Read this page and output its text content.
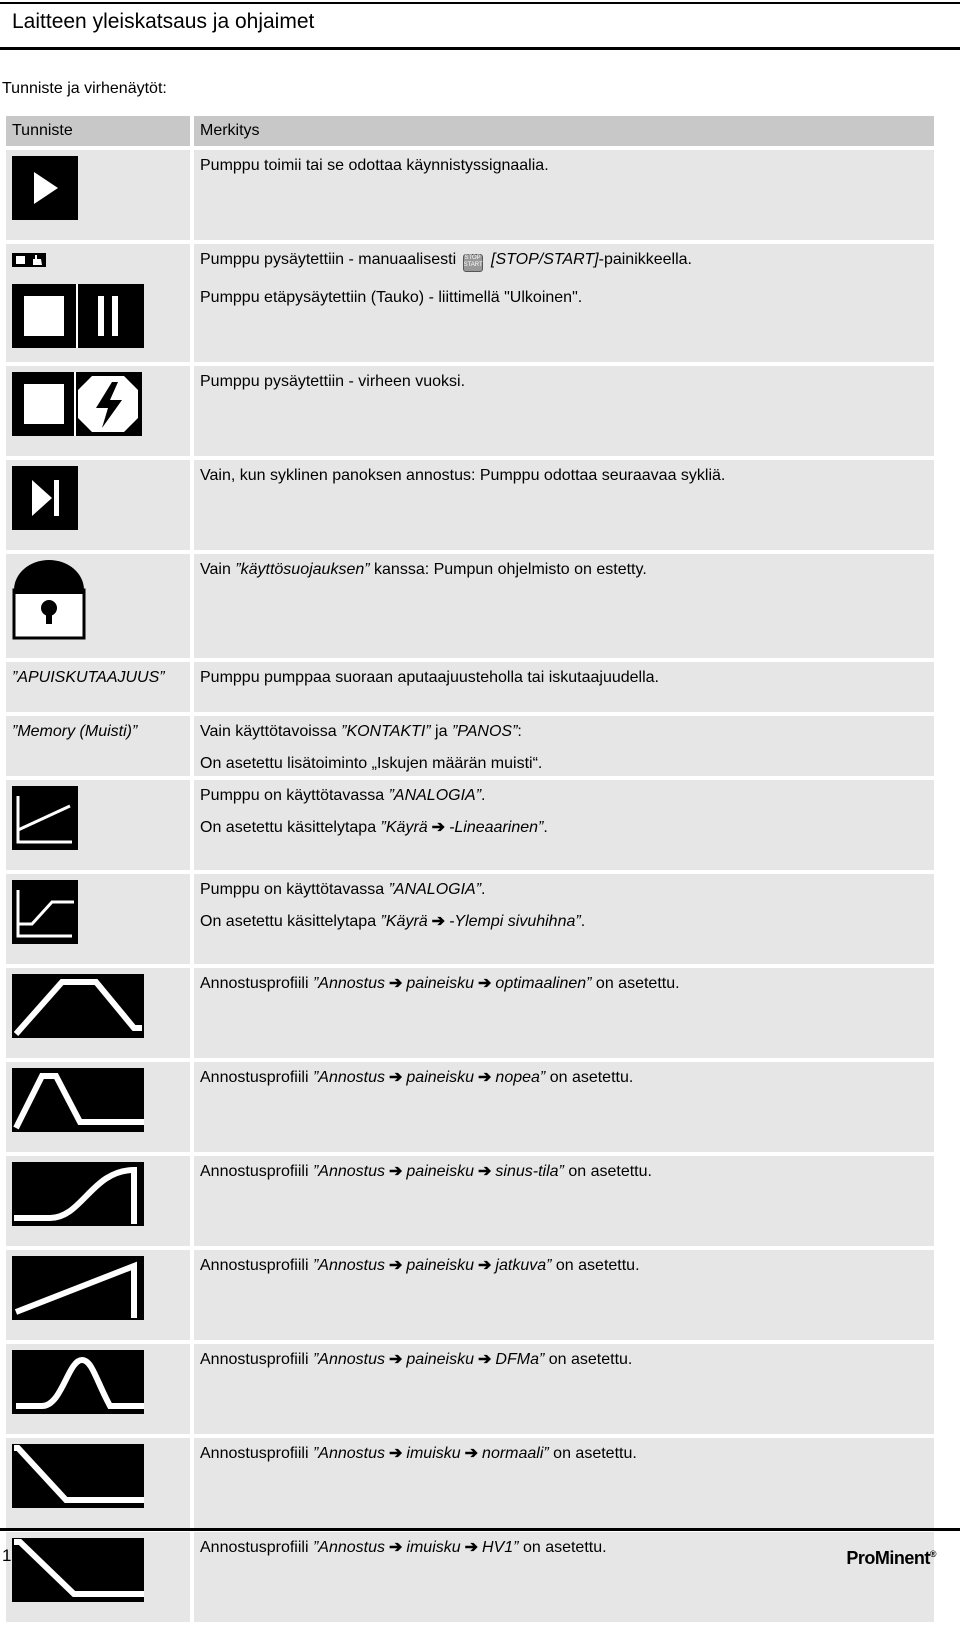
Laitteen yleiskatsaus ja ohjaimet
Tunniste ja virhenäytöt:
Tunniste	Merkitys

	Pumppu toimii tai se odottaa käynnistyssignaalia.

Pumppu pysäytettiin - manuaalisesti STOP START [STOP/START]-painikkeella.
Pumppu etäpysäytettiin (Tauko) - liittimellä "Ulkoinen".

	Pumppu pysäytettiin - virheen vuoksi.

	Vain, kun syklinen panoksen annostus: Pumppu odottaa seuraavaa sykliä.

	Vain ”käyttösuojauksen” kanssa: Pumpun ohjelmisto on estetty.

”APUISKUTAAJUUS”	Pumppu pumppaa suoraan aputaajuusteholla tai iskutaajuudella.
”Memory (Muisti)”	Vain käyttötavoissa ”KONTAKTI” ja ”PANOS”:
On asetettu lisätoiminto „Iskujen määrän muisti“.

Pumppu on käyttötavassa ”ANALOGIA”.
On asetettu käsittelytapa ”Käyrä ➔ -Lineaarinen”.

Pumppu on käyttötavassa ”ANALOGIA”.
On asetettu käsittelytapa ”Käyrä ➔ -Ylempi sivuhihna”.

	Annostusprofiili ”Annostus ➔ paineisku ➔ optimaalinen” on asetettu.

	Annostusprofiili ”Annostus ➔ paineisku ➔ nopea” on asetettu.

	Annostusprofiili ”Annostus ➔ paineisku ➔ sinus-tila” on asetettu.

	Annostusprofiili ”Annostus ➔ paineisku ➔ jatkuva” on asetettu.

	Annostusprofiili ”Annostus ➔ paineisku ➔ DFMa” on asetettu.

	Annostusprofiili ”Annostus ➔ imuisku ➔ normaali” on asetettu.

	Annostusprofiili ”Annostus ➔ imuisku ➔ HV1” on asetettu.
18	ProMinent®
